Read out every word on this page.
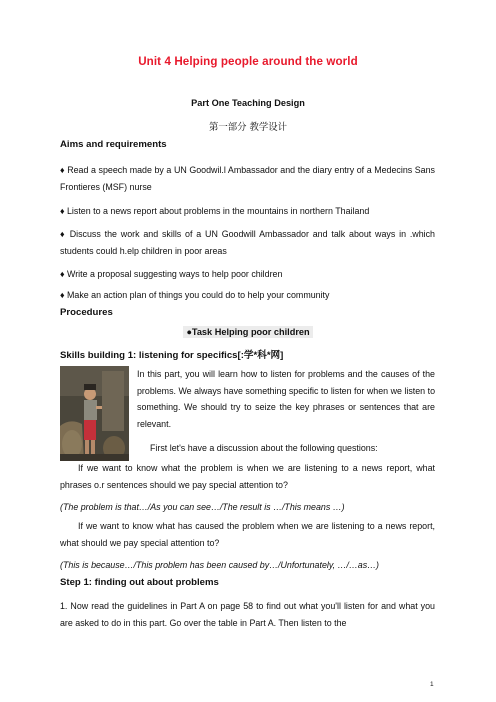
Unit 4 Helping people around the world
Part One Teaching Design
第一部分 教学设计
Aims and requirements
♦ Read a speech made by a UN Goodwil.l Ambassador and the diary entry of a Medecins Sans Frontieres (MSF) nurse
♦ Listen to a news report about problems in the mountains in northern Thailand
♦ Discuss the work and skills of a UN Goodwill Ambassador and talk about ways in .which students could h.elp children in poor areas
♦ Write a proposal suggesting ways to help poor children
♦ Make an action plan of things you could do to help your community
Procedures
●Task Helping poor children
Skills building 1: listening for specifics[:学*科*网]
In this part, you will learn how to listen for problems and the causes of the problems. We always have something specific to listen for when we listen to something. We should try to seize the key phrases or sentences that are relevant.
First let's have a discussion about the following questions:
If we want to know what the problem is when we are listening to a news report, what phrases o.r sentences should we pay special attention to?
(The problem is that…/As you can see…/The result is …/This means …)
If we want to know what has caused the problem when we are listening to a news report, what should we pay special attention to?
(This is because…/This problem has been caused by…/Unfortunately, …/…as…)
Step 1: finding out about problems
1. Now read the guidelines in Part A on page 58 to find out what you'll listen for and what you are asked to do in this part. Go over the table in Part A. Then listen to the
1
